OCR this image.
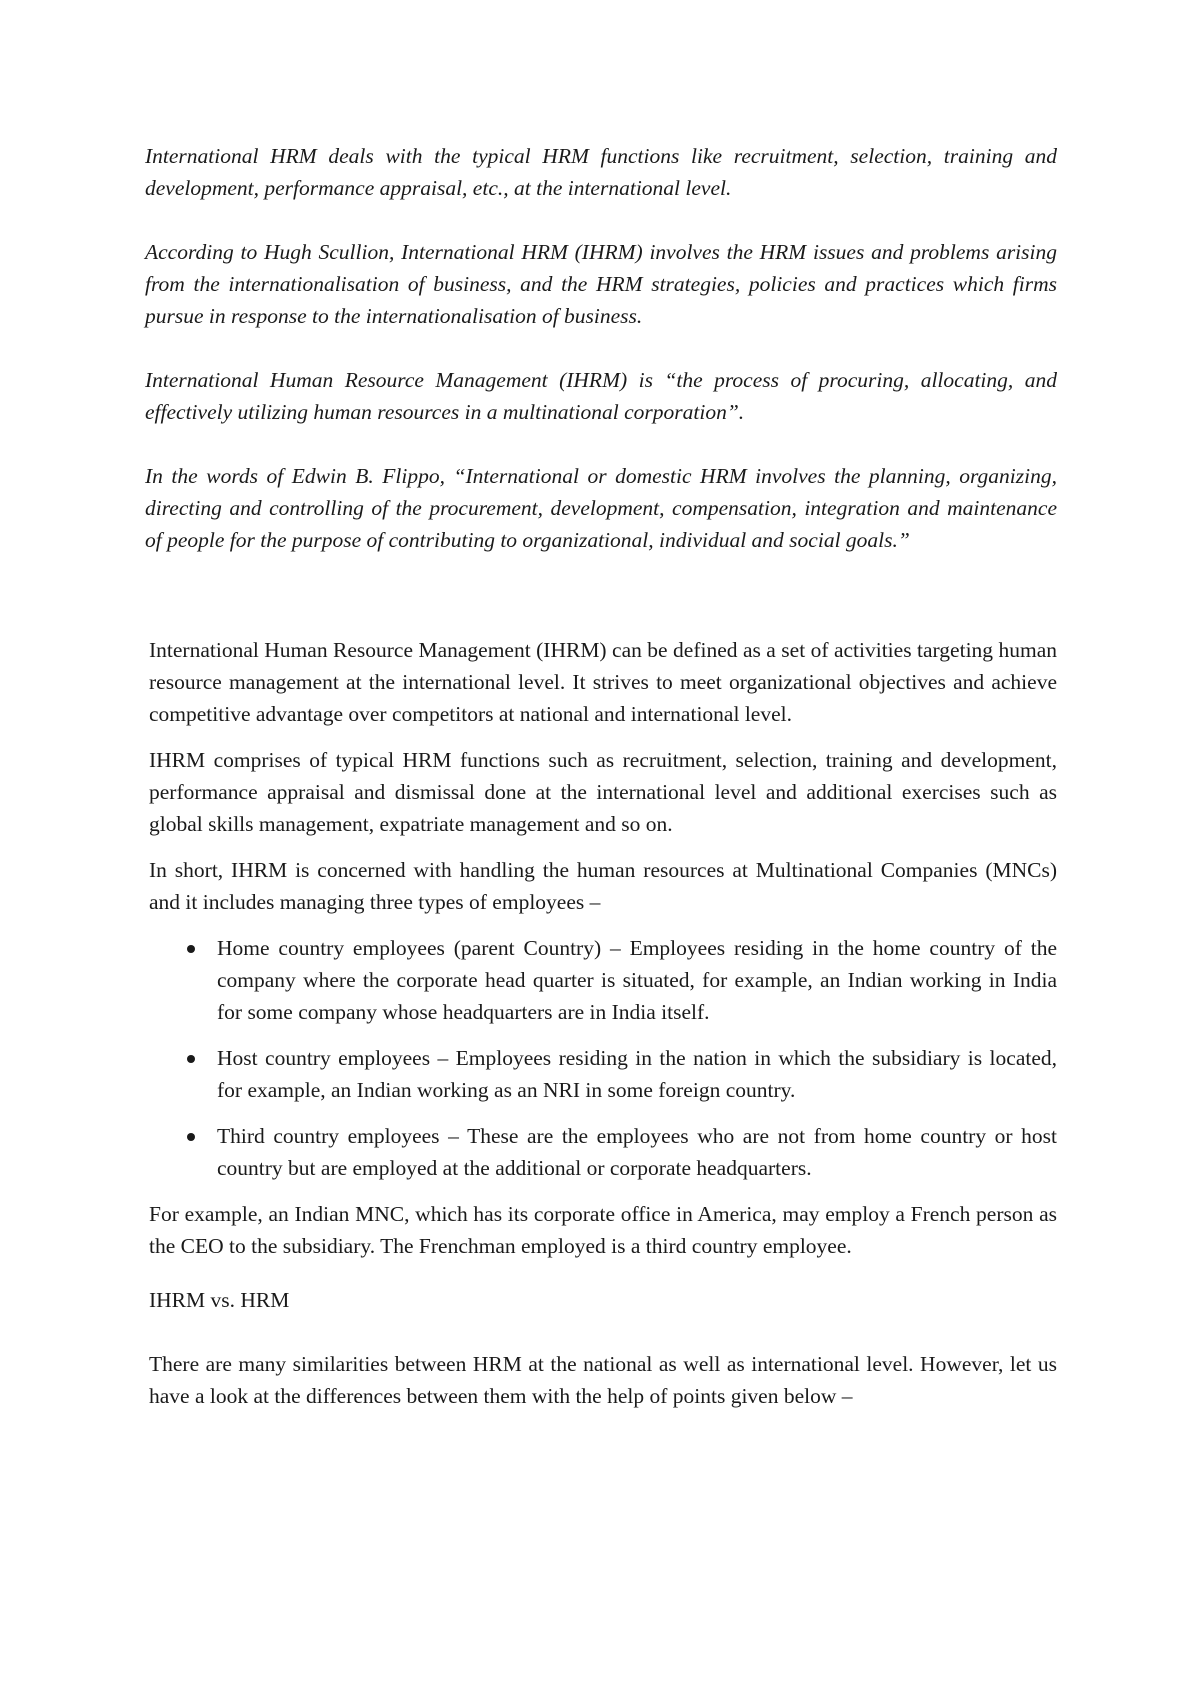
International HRM deals with the typical HRM functions like recruitment, selection, training and development, performance appraisal, etc., at the international level.

According to Hugh Scullion, International HRM (IHRM) involves the HRM issues and problems arising from the internationalisation of business, and the HRM strategies, policies and practices which firms pursue in response to the internationalisation of business.

International Human Resource Management (IHRM) is “the process of procuring, allocating, and effectively utilizing human resources in a multinational corporation”.

In the words of Edwin B. Flippo, “International or domestic HRM involves the planning, organizing, directing and controlling of the procurement, development, compensation, integration and maintenance of people for the purpose of contributing to organizational, individual and social goals.”

International Human Resource Management (IHRM) can be defined as a set of activities targeting human resource management at the international level. It strives to meet organizational objectives and achieve competitive advantage over competitors at national and international level.

IHRM comprises of typical HRM functions such as recruitment, selection, training and development, performance appraisal and dismissal done at the international level and additional exercises such as global skills management, expatriate management and so on.

In short, IHRM is concerned with handling the human resources at Multinational Companies (MNCs) and it includes managing three types of employees –

Home country employees (parent Country) – Employees residing in the home country of the company where the corporate head quarter is situated, for example, an Indian working in India for some company whose headquarters are in India itself.
Host country employees – Employees residing in the nation in which the subsidiary is located, for example, an Indian working as an NRI in some foreign country.
Third country employees – These are the employees who are not from home country or host country but are employed at the additional or corporate headquarters.

For example, an Indian MNC, which has its corporate office in America, may employ a French person as the CEO to the subsidiary. The Frenchman employed is a third country employee.

IHRM vs. HRM

There are many similarities between HRM at the national as well as international level. However, let us have a look at the differences between them with the help of points given below –
